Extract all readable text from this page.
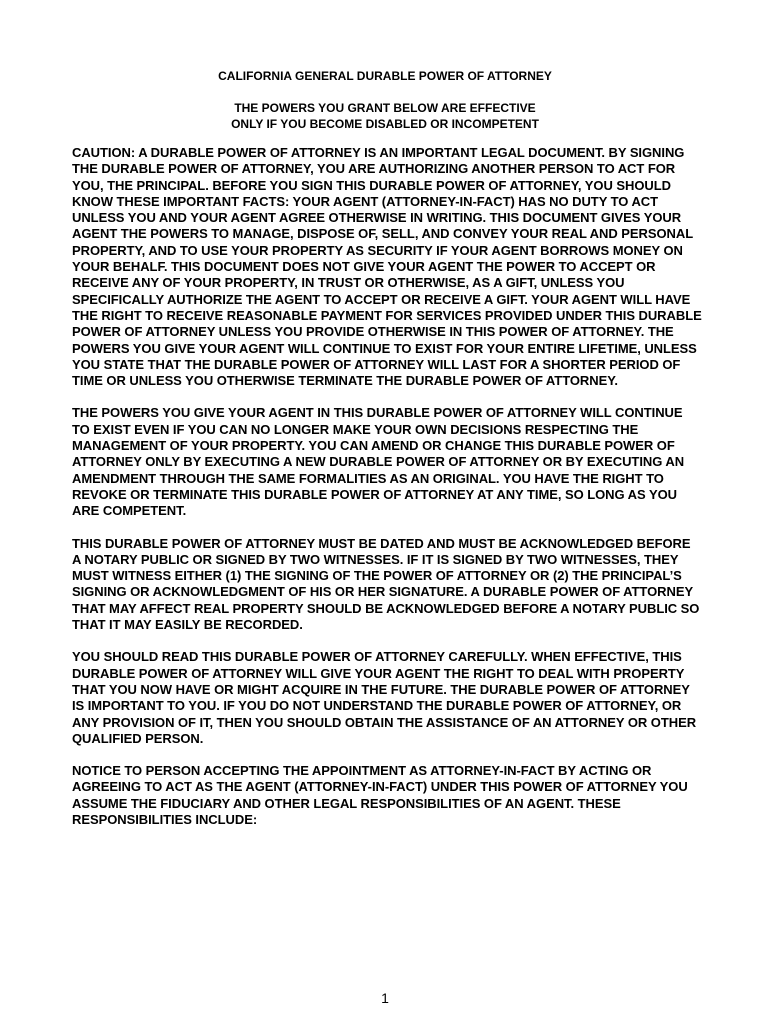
CALIFORNIA GENERAL DURABLE POWER OF ATTORNEY

THE POWERS YOU GRANT BELOW ARE EFFECTIVE
ONLY IF YOU BECOME DISABLED OR INCOMPETENT

CAUTION: A DURABLE POWER OF ATTORNEY IS AN IMPORTANT LEGAL DOCUMENT. BY SIGNING THE DURABLE POWER OF ATTORNEY, YOU ARE AUTHORIZING ANOTHER PERSON TO ACT FOR YOU, THE PRINCIPAL. BEFORE YOU SIGN THIS DURABLE POWER OF ATTORNEY, YOU SHOULD KNOW THESE IMPORTANT FACTS: YOUR AGENT (ATTORNEY-IN-FACT) HAS NO DUTY TO ACT UNLESS YOU AND YOUR AGENT AGREE OTHERWISE IN WRITING. THIS DOCUMENT GIVES YOUR AGENT THE POWERS TO MANAGE, DISPOSE OF, SELL, AND CONVEY YOUR REAL AND PERSONAL PROPERTY, AND TO USE YOUR PROPERTY AS SECURITY IF YOUR AGENT BORROWS MONEY ON YOUR BEHALF. THIS DOCUMENT DOES NOT GIVE YOUR AGENT THE POWER TO ACCEPT OR RECEIVE ANY OF YOUR PROPERTY, IN TRUST OR OTHERWISE, AS A GIFT, UNLESS YOU SPECIFICALLY AUTHORIZE THE AGENT TO ACCEPT OR RECEIVE A GIFT. YOUR AGENT WILL HAVE THE RIGHT TO RECEIVE REASONABLE PAYMENT FOR SERVICES PROVIDED UNDER THIS DURABLE POWER OF ATTORNEY UNLESS YOU PROVIDE OTHERWISE IN THIS POWER OF ATTORNEY. THE POWERS YOU GIVE YOUR AGENT WILL CONTINUE TO EXIST FOR YOUR ENTIRE LIFETIME, UNLESS YOU STATE THAT THE DURABLE POWER OF ATTORNEY WILL LAST FOR A SHORTER PERIOD OF TIME OR UNLESS YOU OTHERWISE TERMINATE THE DURABLE POWER OF ATTORNEY.

THE POWERS YOU GIVE YOUR AGENT IN THIS DURABLE POWER OF ATTORNEY WILL CONTINUE TO EXIST EVEN IF YOU CAN NO LONGER MAKE YOUR OWN DECISIONS RESPECTING THE MANAGEMENT OF YOUR PROPERTY. YOU CAN AMEND OR CHANGE THIS DURABLE POWER OF ATTORNEY ONLY BY EXECUTING A NEW DURABLE POWER OF ATTORNEY OR BY EXECUTING AN AMENDMENT THROUGH THE SAME FORMALITIES AS AN ORIGINAL. YOU HAVE THE RIGHT TO REVOKE OR TERMINATE THIS DURABLE POWER OF ATTORNEY AT ANY TIME, SO LONG AS YOU ARE COMPETENT.

THIS DURABLE POWER OF ATTORNEY MUST BE DATED AND MUST BE ACKNOWLEDGED BEFORE A NOTARY PUBLIC OR SIGNED BY TWO WITNESSES. IF IT IS SIGNED BY TWO WITNESSES, THEY MUST WITNESS EITHER (1) THE SIGNING OF THE POWER OF ATTORNEY OR (2) THE PRINCIPAL’S SIGNING OR ACKNOWLEDGMENT OF HIS OR HER SIGNATURE. A DURABLE POWER OF ATTORNEY THAT MAY AFFECT REAL PROPERTY SHOULD BE ACKNOWLEDGED BEFORE A NOTARY PUBLIC SO THAT IT MAY EASILY BE RECORDED.

YOU SHOULD READ THIS DURABLE POWER OF ATTORNEY CAREFULLY. WHEN EFFECTIVE, THIS DURABLE POWER OF ATTORNEY WILL GIVE YOUR AGENT THE RIGHT TO DEAL WITH PROPERTY THAT YOU NOW HAVE OR MIGHT ACQUIRE IN THE FUTURE. THE DURABLE POWER OF ATTORNEY IS IMPORTANT TO YOU. IF YOU DO NOT UNDERSTAND THE DURABLE POWER OF ATTORNEY, OR ANY PROVISION OF IT, THEN YOU SHOULD OBTAIN THE ASSISTANCE OF AN ATTORNEY OR OTHER QUALIFIED PERSON.

NOTICE TO PERSON ACCEPTING THE APPOINTMENT AS ATTORNEY-IN-FACT BY ACTING OR AGREEING TO ACT AS THE AGENT (ATTORNEY-IN-FACT) UNDER THIS POWER OF ATTORNEY YOU ASSUME THE FIDUCIARY AND OTHER LEGAL RESPONSIBILITIES OF AN AGENT. THESE RESPONSIBILITIES INCLUDE:

1
